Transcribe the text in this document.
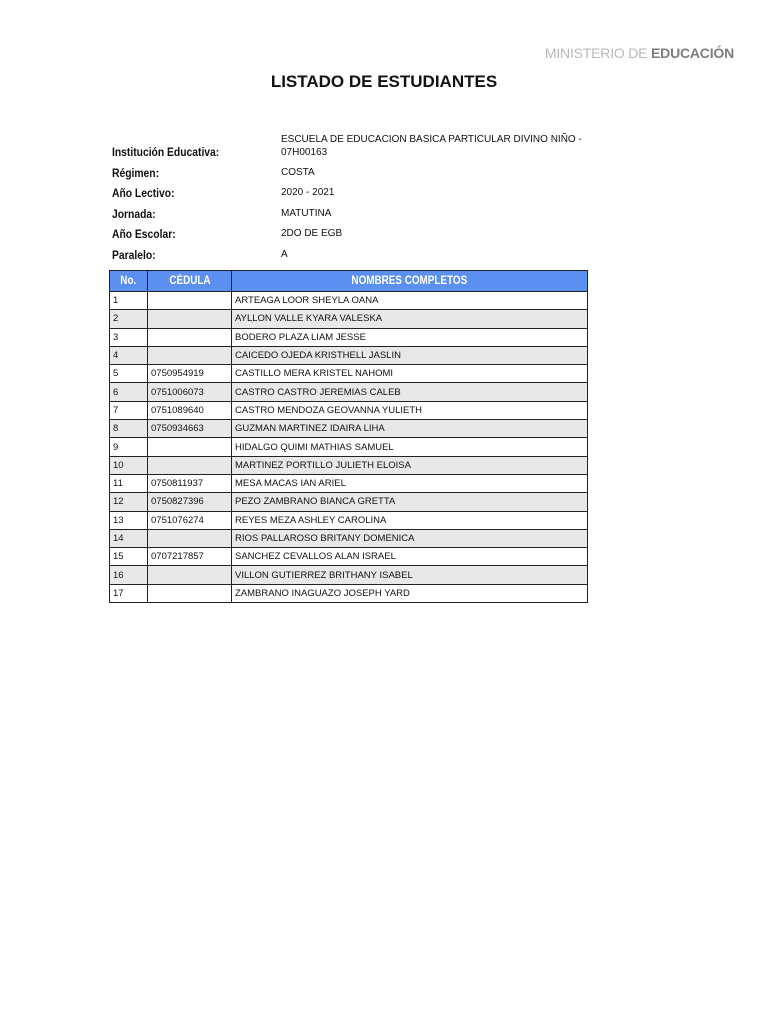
MINISTERIO DE EDUCACIÓN
LISTADO DE ESTUDIANTES
Institución Educativa:
ESCUELA DE EDUCACION BASICA PARTICULAR DIVINO NIÑO -
07H00163
Régimen:	COSTA
Año Lectivo:	2020 - 2021
Jornada:	MATUTINA
Año Escolar:	2DO DE EGB
Paralelo:	A
No.	CÉDULA	NOMBRES COMPLETOS
1		ARTEAGA LOOR SHEYLA OANA
2		AYLLON VALLE KYARA VALESKA
3		BODERO PLAZA LIAM JESSE
4		CAICEDO OJEDA KRISTHELL JASLIN
5	0750954919	CASTILLO MERA KRISTEL NAHOMI
6	0751006073	CASTRO CASTRO JEREMIAS CALEB
7	0751089640	CASTRO MENDOZA GEOVANNA YULIETH
8	0750934663	GUZMAN MARTINEZ IDAIRA LIHA
9		HIDALGO QUIMI MATHIAS SAMUEL
10		MARTINEZ PORTILLO JULIETH ELOISA
11	0750811937	MESA MACAS IAN ARIEL
12	0750827396	PEZO ZAMBRANO BIANCA GRETTA
13	0751076274	REYES MEZA ASHLEY CAROLINA
14		RIOS PALLAROSO BRITANY DOMENICA
15	0707217857	SANCHEZ CEVALLOS ALAN ISRAEL
16		VILLON GUTIERREZ BRITHANY ISABEL
17		ZAMBRANO INAGUAZO JOSEPH YARD
